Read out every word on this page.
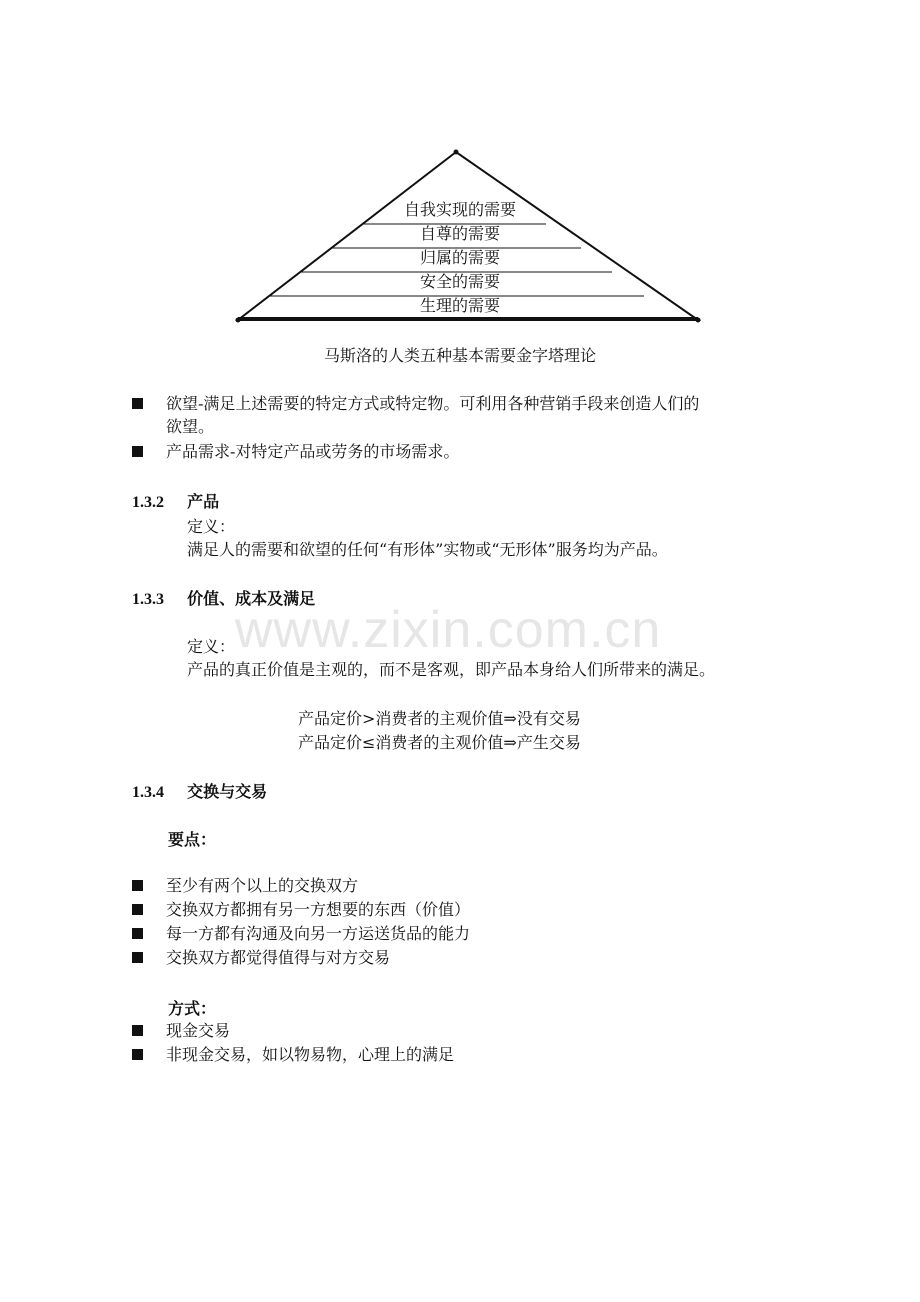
www.zixin.com.cn
自我实现的需要
自尊的需要
归属的需要
安全的需要
生理的需要
马斯洛的人类五种基本需要金字塔理论
欲望-满足上述需要的特定方式或特定物。可利用各种营销手段来创造人们的
欲望。
产品需求-对特定产品或劳务的市场需求。
1.3.2 产品
定义：
满足人的需要和欲望的任何“有形体”实物或“无形体”服务均为产品。
1.3.3 价值、成本及满足
定义：
产品的真正价值是主观的，而不是客观，即产品本身给人们所带来的满足。
产品定价>消费者的主观价值⇒没有交易
产品定价≤消费者的主观价值⇒产生交易
1.3.4 交换与交易
要点：
至少有两个以上的交换双方
交换双方都拥有另一方想要的东西（价值）
每一方都有沟通及向另一方运送货品的能力
交换双方都觉得值得与对方交易
方式：
现金交易
非现金交易，如以物易物，心理上的满足
